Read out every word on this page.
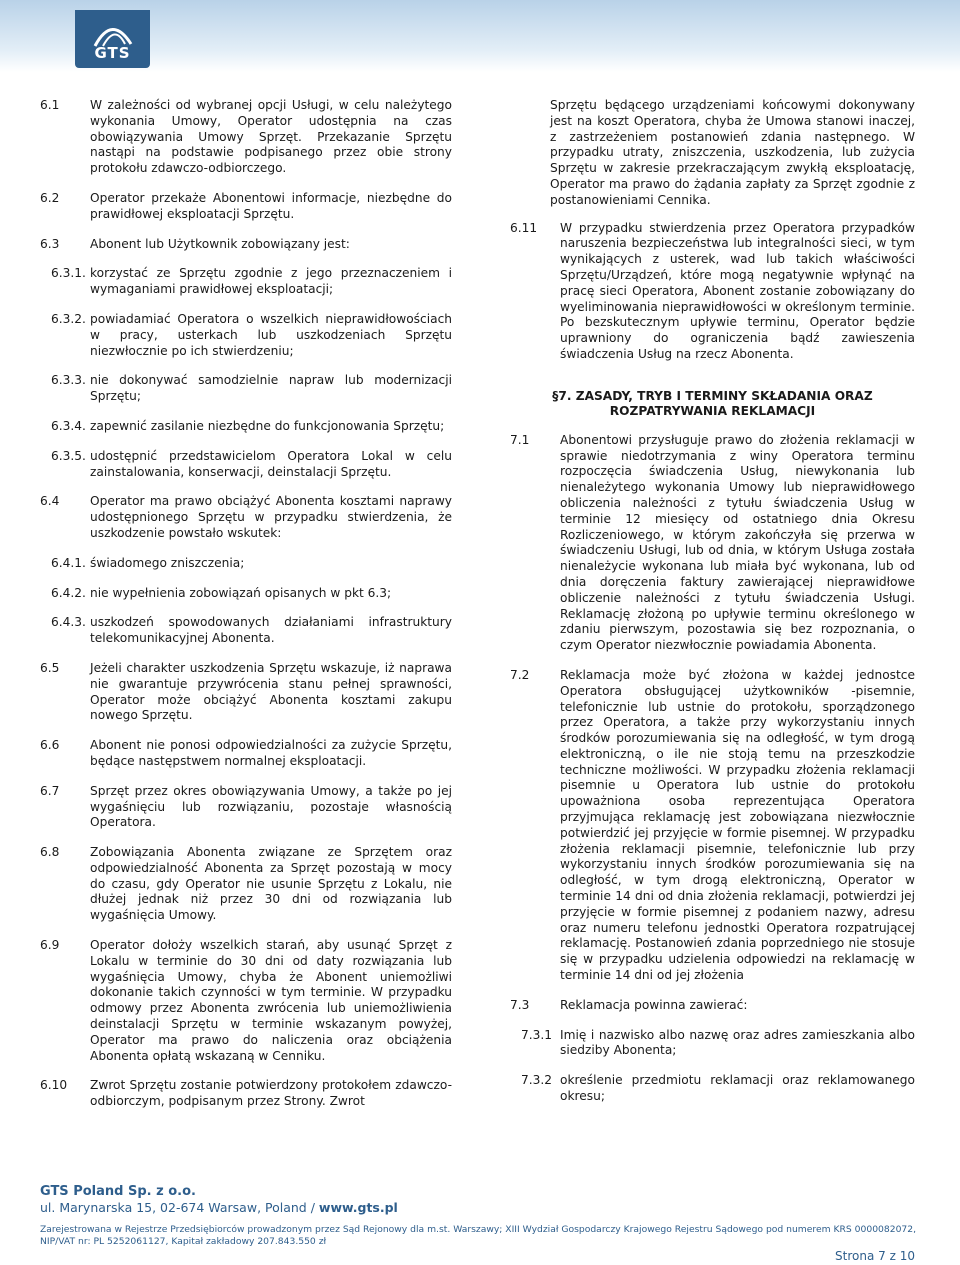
GTS
6.1	W zależności od wybranej opcji Usługi, w celu należytego wykonania Umowy, Operator udostępnia na czas obowiązywania Umowy Sprzęt. Przekazanie Sprzętu nastąpi na podstawie podpisanego przez obie strony protokołu zdawczo-odbiorczego.
6.2	Operator przekaże Abonentowi informacje, niezbędne do prawidłowej eksploatacji Sprzętu.
6.3	Abonent lub Użytkownik zobowiązany jest:
6.3.1. korzystać ze Sprzętu zgodnie z jego przeznaczeniem i wymaganiami prawidłowej eksploatacji;
6.3.2. powiadamiać Operatora o wszelkich nieprawidłowościach w pracy, usterkach lub uszkodzeniach Sprzętu niezwłocznie po ich stwierdzeniu;
6.3.3. nie dokonywać samodzielnie napraw lub modernizacji Sprzętu;
6.3.4. zapewnić zasilanie niezbędne do funkcjonowania Sprzętu;
6.3.5. udostępnić przedstawicielom Operatora Lokal w celu zainstalowania, konserwacji, deinstalacji Sprzętu.
6.4	Operator ma prawo obciążyć Abonenta kosztami naprawy udostępnionego Sprzętu w przypadku stwierdzenia, że uszkodzenie powstało wskutek:
6.4.1. świadomego zniszczenia;
6.4.2. nie wypełnienia zobowiązań opisanych w pkt 6.3;
6.4.3. uszkodzeń spowodowanych działaniami infrastruktury telekomunikacyjnej Abonenta.
6.5	Jeżeli charakter uszkodzenia Sprzętu wskazuje, iż naprawa nie gwarantuje przywrócenia stanu pełnej sprawności, Operator może obciążyć Abonenta kosztami zakupu nowego Sprzętu.
6.6	Abonent nie ponosi odpowiedzialności za zużycie Sprzętu, będące następstwem normalnej eksploatacji.
6.7	Sprzęt przez okres obowiązywania Umowy, a także po jej wygaśnięciu lub rozwiązaniu, pozostaje własnością Operatora.
6.8	Zobowiązania Abonenta związane ze Sprzętem oraz odpowiedzialność Abonenta za Sprzęt pozostają w mocy do czasu, gdy Operator nie usunie Sprzętu z Lokalu, nie dłużej jednak niż przez 30 dni od rozwiązania lub wygaśnięcia Umowy.
6.9	Operator dołoży wszelkich starań, aby usunąć Sprzęt z Lokalu w terminie do 30 dni od daty rozwiązania lub wygaśnięcia Umowy, chyba że Abonent uniemożliwi dokonanie takich czynności w tym terminie. W przypadku odmowy przez Abonenta zwrócenia lub uniemożliwienia deinstalacji Sprzętu w terminie wskazanym powyżej, Operator ma prawo do naliczenia oraz obciążenia Abonenta opłatą wskazaną w Cenniku.
6.10 Zwrot Sprzętu zostanie potwierdzony protokołem zdawczo-odbiorczym, podpisanym przez Strony. Zwrot
Sprzętu będącego urządzeniami końcowymi dokonywany jest na koszt Operatora, chyba że Umowa stanowi inaczej, z zastrzeżeniem postanowień zdania następnego. W przypadku utraty, zniszczenia, uszkodzenia, lub zużycia Sprzętu w zakresie przekraczającym zwykłą eksploatację, Operator ma prawo do żądania zapłaty za Sprzęt zgodnie z postanowieniami Cennika.
6.11 W przypadku stwierdzenia przez Operatora przypadków naruszenia bezpieczeństwa lub integralności sieci, w tym wynikających z usterek, wad lub takich właściwości Sprzętu/Urządzeń, które mogą negatywnie wpłynąć na pracę sieci Operatora, Abonent zostanie zobowiązany do wyeliminowania nieprawidłowości w określonym terminie. Po bezskutecznym upływie terminu, Operator będzie uprawniony do ograniczenia bądź zawieszenia świadczenia Usług na rzecz Abonenta.
§7. ZASADY, TRYB I TERMINY SKŁADANIA ORAZ
ROZPATRYWANIA REKLAMACJI
7.1	Abonentowi przysługuje prawo do złożenia reklamacji w sprawie niedotrzymania z winy Operatora terminu rozpoczęcia świadczenia Usług, niewykonania lub nienależytego wykonania Umowy lub nieprawidłowego obliczenia należności z tytułu świadczenia Usług w terminie 12 miesięcy od ostatniego dnia Okresu Rozliczeniowego, w którym zakończyła się przerwa w świadczeniu Usługi, lub od dnia, w którym Usługa została nienależycie wykonana lub miała być wykonana, lub od dnia doręczenia faktury zawierającej nieprawidłowe obliczenie należności z tytułu świadczenia Usługi. Reklamację złożoną po upływie terminu określonego w zdaniu pierwszym, pozostawia się bez rozpoznania, o czym Operator niezwłocznie powiadamia Abonenta.
7.2	Reklamacja może być złożona w każdej jednostce Operatora obsługującej użytkowników -pisemnie, telefonicznie lub ustnie do protokołu, sporządzonego przez Operatora, a także przy wykorzystaniu innych środków porozumiewania się na odległość, w tym drogą elektroniczną, o ile nie stoją temu na przeszkodzie techniczne możliwości. W przypadku złożenia reklamacji pisemnie u Operatora lub ustnie do protokołu upoważniona osoba reprezentująca Operatora przyjmująca reklamację jest zobowiązana niezwłocznie potwierdzić jej przyjęcie w formie pisemnej. W przypadku złożenia reklamacji pisemnie, telefonicznie lub przy wykorzystaniu innych środków porozumiewania się na odległość, w tym drogą elektroniczną, Operator w terminie 14 dni od dnia złożenia reklamacji, potwierdzi jej przyjęcie w formie pisemnej z podaniem nazwy, adresu oraz numeru telefonu jednostki Operatora rozpatrującej reklamację. Postanowień zdania poprzedniego nie stosuje się w przypadku udzielenia odpowiedzi na reklamację w terminie 14 dni od jej złożenia
7.3	Reklamacja powinna zawierać:
7.3.1 Imię i nazwisko albo nazwę oraz adres zamieszkania albo siedziby Abonenta;
7.3.2 określenie przedmiotu reklamacji oraz reklamowanego okresu;
GTS Poland Sp. z o.o.
ul. Marynarska 15, 02-674 Warsaw, Poland / www.gts.pl
Zarejestrowana w Rejestrze Przedsiębiorców prowadzonym przez Sąd Rejonowy dla m.st. Warszawy; XIII Wydział Gospodarczy Krajowego Rejestru Sądowego pod numerem KRS 0000082072, NIP/VAT nr: PL 5252061127, Kapitał zakładowy 207.843.550 zł
Strona 7 z 10
